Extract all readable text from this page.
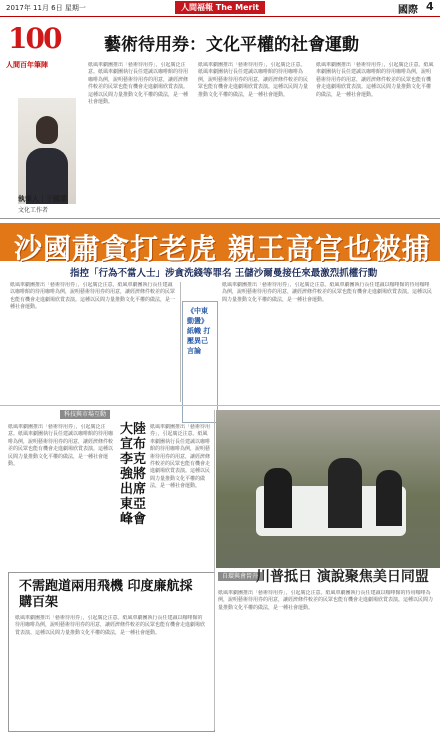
2017年 11月 6日 星期一	人間福報 The Merit Times
國際 4
100
人間百年筆陣
藝術待用券：文化平權的社會運動
執筆人｜于國華
文化工作者
紙風車劇團推出「藝術待用券」，引起廣泛注意。紙風車劇團執行長任建誠以咖啡館的待用咖啡為例，說明藝術待用券的用意，讓經濟條件較差的民眾也能有機會走進劇場欣賞表演。這種以民間力量推動文化平權的做法，是一種社會運動。
紙風車劇團推出「藝術待用券」，引起廣泛注意。紙風車劇團執行長任建誠以咖啡館的待用咖啡為例，說明藝術待用券的用意，讓經濟條件較差的民眾也能有機會走進劇場欣賞表演。這種以民間力量推動文化平權的做法，是一種社會運動。
紙風車劇團推出「藝術待用券」，引起廣泛注意。紙風車劇團執行長任建誠以咖啡館的待用咖啡為例，說明藝術待用券的用意，讓經濟條件較差的民眾也能有機會走進劇場欣賞表演。這種以民間力量推動文化平權的做法，是一種社會運動。
沙國肅貪打老虎 親王高官也被捕
指控「行為不當人士」涉貪洗錢等罪名 王儲沙爾曼接任來最激烈抓權行動
紙風車劇團推出「藝術待用券」，引起廣泛注意。紙風車劇團執行長任建誠以咖啡館的待用咖啡為例，說明藝術待用券的用意，讓經濟條件較差的民眾也能有機會走進劇場欣賞表演。這種以民間力量推動文化平權的做法，是一種社會運動。	《中東動盪》紙幟 打壓異己言論
紙風車劇團推出「藝術待用券」，引起廣泛注意。紙風車劇團執行長任建誠以咖啡館的待用咖啡為例，說明藝術待用券的用意，讓經濟條件較差的民眾也能有機會走進劇場欣賞表演。這種以民間力量推動文化平權的做法，是一種社會運動。
科技與市場互動
大陸宣布 李克強將出席東亞峰會
紙風車劇團推出「藝術待用券」，引起廣泛注意。紙風車劇團執行長任建誠以咖啡館的待用咖啡為例，說明藝術待用券的用意，讓經濟條件較差的民眾也能有機會走進劇場欣賞表演。這種以民間力量推動文化平權的做法，是一種社會運動。
紙風車劇團推出「藝術待用券」，引起廣泛注意。紙風車劇團執行長任建誠以咖啡館的待用咖啡為例，說明藝術待用券的用意，讓經濟條件較差的民眾也能有機會走進劇場欣賞表演。這種以民間力量推動文化平權的做法，是一種社會運動。
不需跑道兩用飛機 印度廉航採購百架
紙風車劇團推出「藝術待用券」，引起廣泛注意。紙風車劇團執行長任建誠以咖啡館的待用咖啡為例，說明藝術待用券的用意，讓經濟條件較差的民眾也能有機會走進劇場欣賞表演。這種以民間力量推動文化平權的做法，是一種社會運動。
自環與會晉升
川普抵日 演說聚焦美日同盟
紙風車劇團推出「藝術待用券」，引起廣泛注意。紙風車劇團執行長任建誠以咖啡館的待用咖啡為例，說明藝術待用券的用意，讓經濟條件較差的民眾也能有機會走進劇場欣賞表演。這種以民間力量推動文化平權的做法，是一種社會運動。
